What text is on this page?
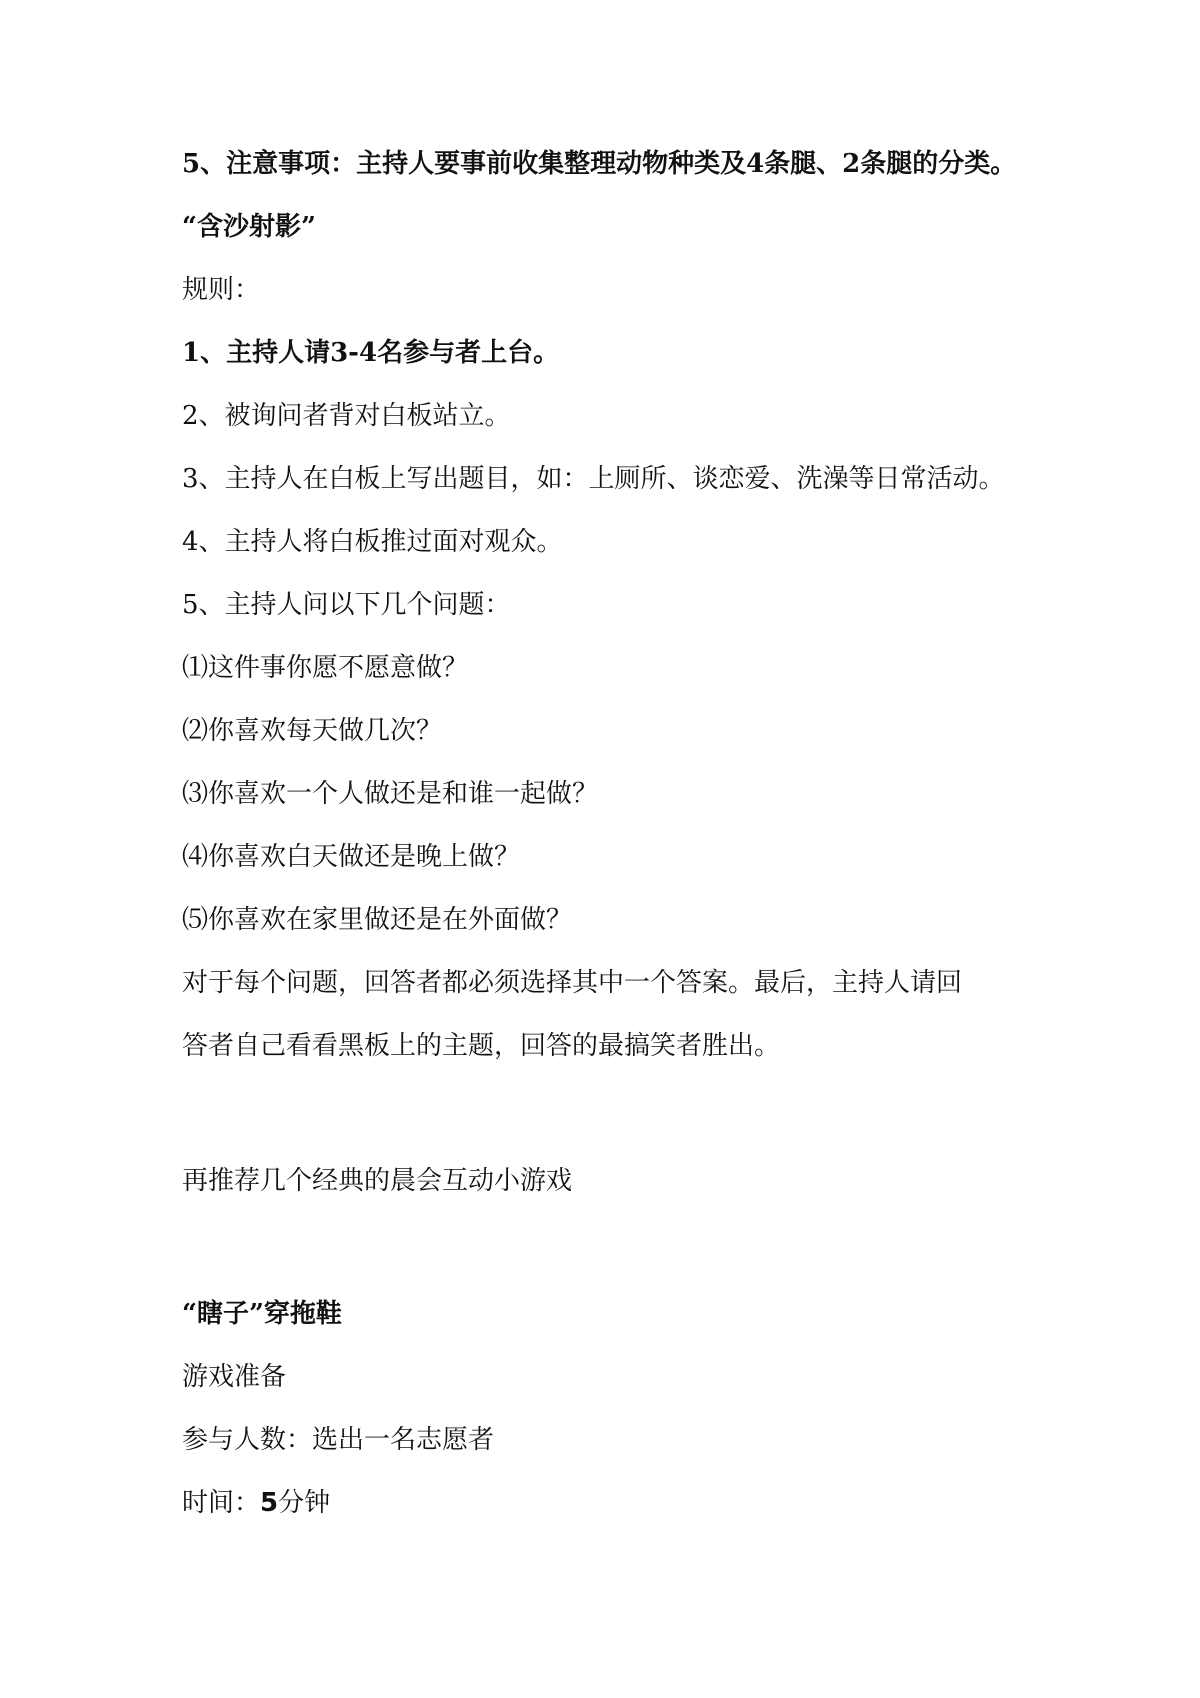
5、注意事项：主持人要事前收集整理动物种类及4条腿、2条腿的分类。
“含沙射影”
规则：
1、主持人请3-4名参与者上台。
2、被询问者背对白板站立。
3、主持人在白板上写出题目，如：上厕所、谈恋爱、洗澡等日常活动。
4、主持人将白板推过面对观众。
5、主持人问以下几个问题：
⑴这件事你愿不愿意做？
⑵你喜欢每天做几次？
⑶你喜欢一个人做还是和谁一起做？
⑷你喜欢白天做还是晚上做？
⑸你喜欢在家里做还是在外面做？
对于每个问题，回答者都必须选择其中一个答案。最后，主持人请回
答者自己看看黑板上的主题，回答的最搞笑者胜出。
再推荐几个经典的晨会互动小游戏
“瞎子”穿拖鞋
游戏准备
参与人数：选出一名志愿者
时间：5分钟
